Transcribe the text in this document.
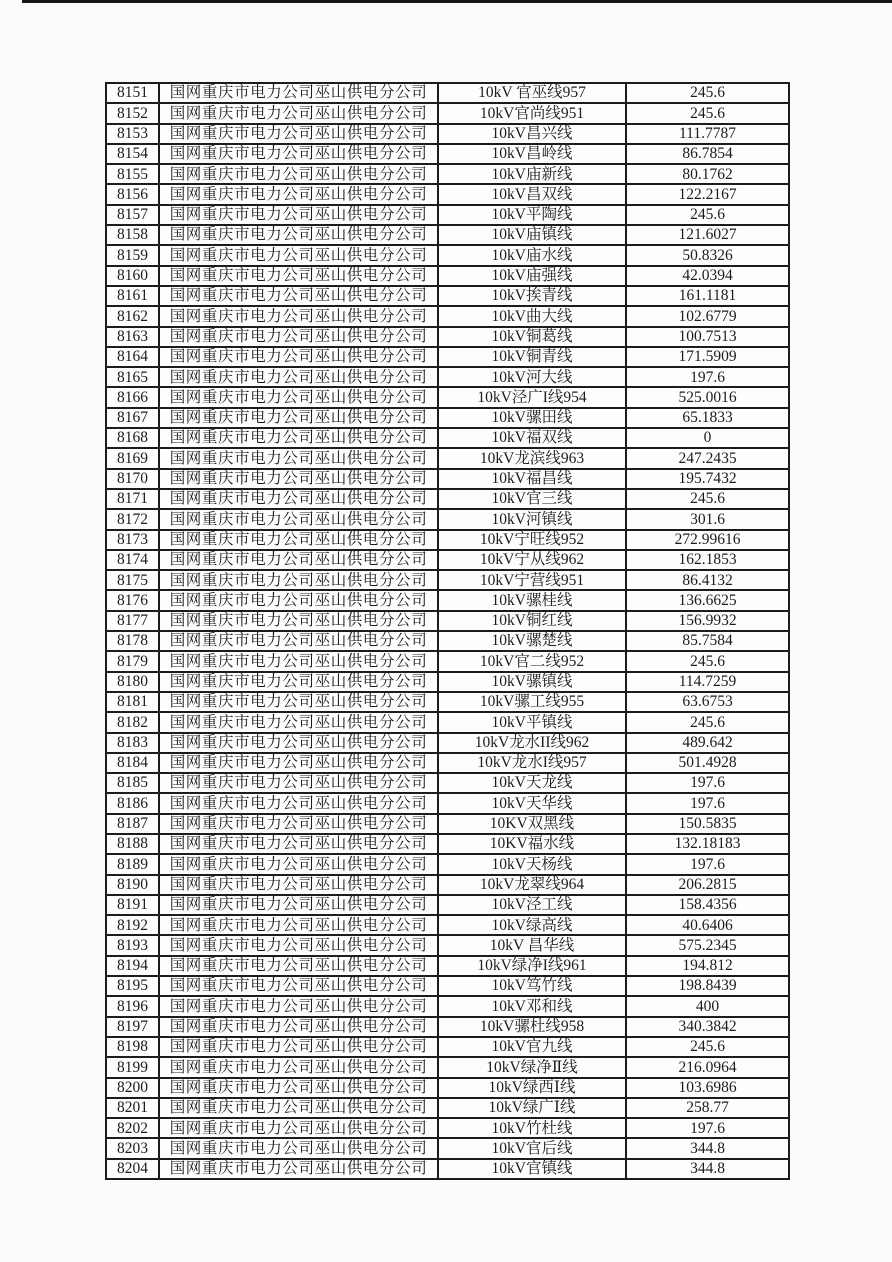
8151	国网重庆市电力公司巫山供电分公司	10kV 官巫线957	245.6
8152	国网重庆市电力公司巫山供电分公司	10kV官尚线951	245.6
8153	国网重庆市电力公司巫山供电分公司	10kV昌兴线	111.7787
8154	国网重庆市电力公司巫山供电分公司	10kV昌岭线	86.7854
8155	国网重庆市电力公司巫山供电分公司	10kV庙新线	80.1762
8156	国网重庆市电力公司巫山供电分公司	10kV昌双线	122.2167
8157	国网重庆市电力公司巫山供电分公司	10kV平陶线	245.6
8158	国网重庆市电力公司巫山供电分公司	10kV庙镇线	121.6027
8159	国网重庆市电力公司巫山供电分公司	10kV庙水线	50.8326
8160	国网重庆市电力公司巫山供电分公司	10kV庙强线	42.0394
8161	国网重庆市电力公司巫山供电分公司	10kV挨青线	161.1181
8162	国网重庆市电力公司巫山供电分公司	10kV曲大线	102.6779
8163	国网重庆市电力公司巫山供电分公司	10kV铜葛线	100.7513
8164	国网重庆市电力公司巫山供电分公司	10kV铜青线	171.5909
8165	国网重庆市电力公司巫山供电分公司	10kV河大线	197.6
8166	国网重庆市电力公司巫山供电分公司	10kV泾广I线954	525.0016
8167	国网重庆市电力公司巫山供电分公司	10kV骡田线	65.1833
8168	国网重庆市电力公司巫山供电分公司	10kV福双线	0
8169	国网重庆市电力公司巫山供电分公司	10kV龙滨线963	247.2435
8170	国网重庆市电力公司巫山供电分公司	10kV福昌线	195.7432
8171	国网重庆市电力公司巫山供电分公司	10kV官三线	245.6
8172	国网重庆市电力公司巫山供电分公司	10kV河镇线	301.6
8173	国网重庆市电力公司巫山供电分公司	10kV宁旺线952	272.99616
8174	国网重庆市电力公司巫山供电分公司	10kV宁从线962	162.1853
8175	国网重庆市电力公司巫山供电分公司	10kV宁营线951	86.4132
8176	国网重庆市电力公司巫山供电分公司	10kV骡桂线	136.6625
8177	国网重庆市电力公司巫山供电分公司	10kV铜红线	156.9932
8178	国网重庆市电力公司巫山供电分公司	10kV骡楚线	85.7584
8179	国网重庆市电力公司巫山供电分公司	10kV官二线952	245.6
8180	国网重庆市电力公司巫山供电分公司	10kV骡镇线	114.7259
8181	国网重庆市电力公司巫山供电分公司	10kV骡工线955	63.6753
8182	国网重庆市电力公司巫山供电分公司	10kV平镇线	245.6
8183	国网重庆市电力公司巫山供电分公司	10kV龙水II线962	489.642
8184	国网重庆市电力公司巫山供电分公司	10kV龙水I线957	501.4928
8185	国网重庆市电力公司巫山供电分公司	10kV天龙线	197.6
8186	国网重庆市电力公司巫山供电分公司	10kV天华线	197.6
8187	国网重庆市电力公司巫山供电分公司	10KV双黑线	150.5835
8188	国网重庆市电力公司巫山供电分公司	10KV福水线	132.18183
8189	国网重庆市电力公司巫山供电分公司	10kV天杨线	197.6
8190	国网重庆市电力公司巫山供电分公司	10kV龙翠线964	206.2815
8191	国网重庆市电力公司巫山供电分公司	10kV泾工线	158.4356
8192	国网重庆市电力公司巫山供电分公司	10kV绿高线	40.6406
8193	国网重庆市电力公司巫山供电分公司	10kV 昌华线	575.2345
8194	国网重庆市电力公司巫山供电分公司	10kV绿净I线961	194.812
8195	国网重庆市电力公司巫山供电分公司	10kV笃竹线	198.8439
8196	国网重庆市电力公司巫山供电分公司	10kV邓和线	400
8197	国网重庆市电力公司巫山供电分公司	10kV骡杜线958	340.3842
8198	国网重庆市电力公司巫山供电分公司	10kV官九线	245.6
8199	国网重庆市电力公司巫山供电分公司	10kV绿净Ⅱ线	216.0964
8200	国网重庆市电力公司巫山供电分公司	10kV绿西Ⅰ线	103.6986
8201	国网重庆市电力公司巫山供电分公司	10kV绿广Ⅰ线	258.77
8202	国网重庆市电力公司巫山供电分公司	10kV竹杜线	197.6
8203	国网重庆市电力公司巫山供电分公司	10kV官后线	344.8
8204	国网重庆市电力公司巫山供电分公司	10kV官镇线	344.8
